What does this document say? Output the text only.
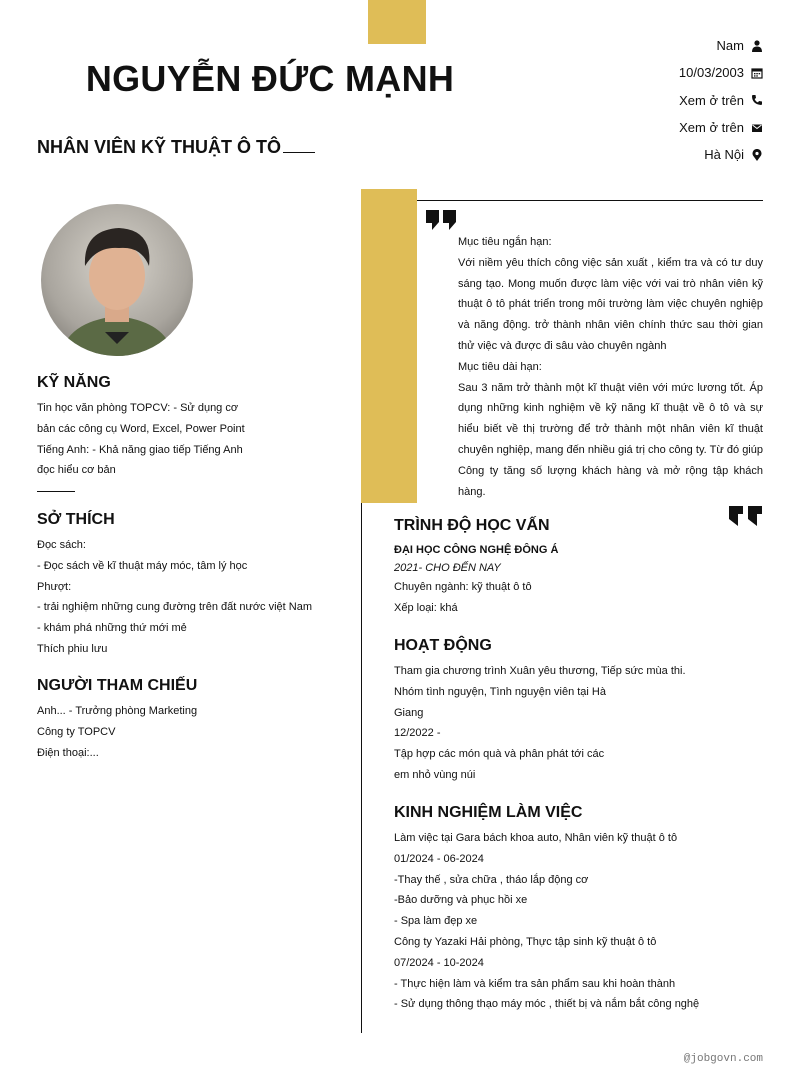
NGUYỄN ĐỨC MẠNH
NHÂN VIÊN KỸ THUẬT Ô TÔ
Nam
10/03/2003
Xem ở trên
Xem ở trên
Hà Nội

Mục tiêu ngắn hạn:

Với niềm yêu thích công việc sản xuất , kiểm tra và có tư duy sáng tạo. Mong muốn được làm việc với vai trò nhân viên kỹ thuật ô tô phát triển trong môi trường làm việc chuyên nghiệp và năng động. trở thành nhân viên chính thức sau thời gian thử việc và được đi sâu vào chuyên ngành

Mục tiêu dài hạn:

Sau 3 năm trở thành một kĩ thuật viên với mức lương tốt. Áp dụng những kinh nghiệm về kỹ năng kĩ thuật về ô tô và sự hiểu biết về thị trường để trở thành một nhân viên kĩ thuật chuyên nghiệp, mang đến nhiều giá trị cho công ty. Từ đó giúp Công ty tăng số lượng khách hàng và mở rộng tập khách hàng.

KỸ NĂNG

Tin học văn phòng TOPCV: - Sử dụng cơ

bản các công cụ Word, Excel, Power Point

Tiếng Anh: - Khả năng giao tiếp Tiếng Anh

đọc hiểu cơ bản

SỞ THÍCH

Đọc sách:

- Đọc sách về kĩ thuật máy móc, tâm lý học

Phượt:

- trải nghiệm những cung đường trên đất nước việt Nam

- khám phá những thứ mới mẻ

Thích phiu lưu

NGƯỜI THAM CHIẾU

Anh... - Trưởng phòng Marketing

Công ty TOPCV

Điện thoại:...

TRÌNH ĐỘ HỌC VẤN

ĐẠI HỌC CÔNG NGHỆ ĐÔNG Á

2021- CHO ĐẾN NAY

Chuyên ngành: kỹ thuật ô tô

Xếp loại: khá

HOẠT ĐỘNG

Tham gia chương trình Xuân yêu thương, Tiếp sức mùa thi.

Nhóm tình nguyện, Tình nguyện viên tại Hà

Giang

12/2022 -

Tập hợp các món quà và phân phát tới các

em nhỏ vùng núi

KINH NGHIỆM LÀM VIỆC

Làm việc tại Gara bách khoa auto, Nhân viên kỹ thuật ô tô

01/2024 - 06-2024

-Thay thế , sửa chữa , tháo lắp động cơ

-Bảo dưỡng và phục hồi xe

- Spa làm đẹp xe

Công ty Yazaki Hải phòng, Thực tập sinh kỹ thuật ô tô

07/2024 - 10-2024

- Thực hiện làm và kiểm tra sản phẩm sau khi hoàn thành

- Sử dụng thông thạo máy móc , thiết bị và nắm bắt công nghệ

@jobgovn.com
